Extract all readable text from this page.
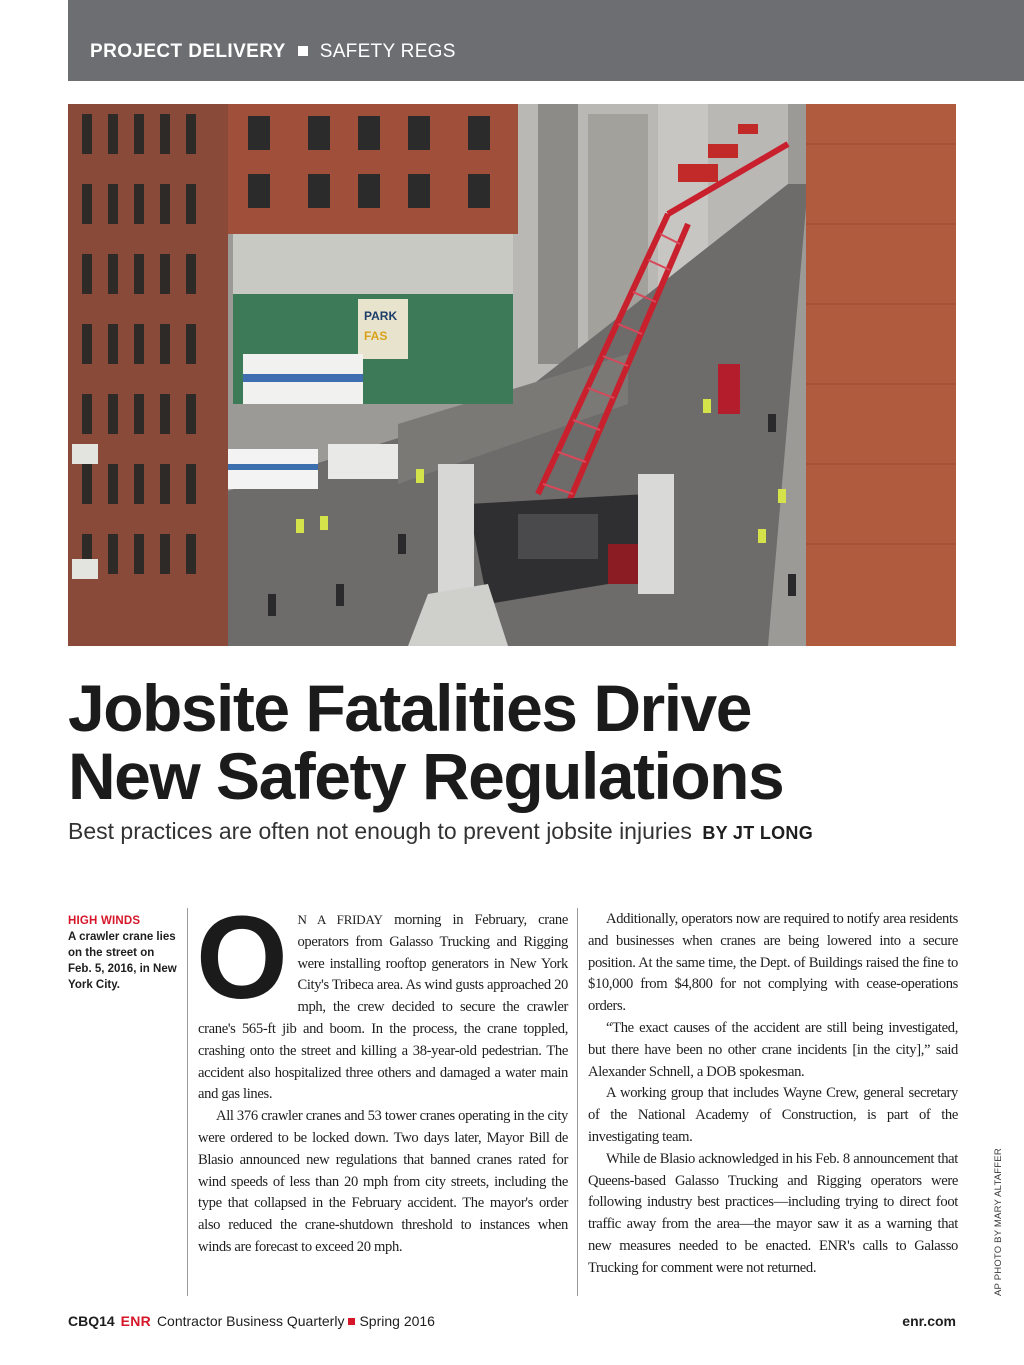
PROJECT DELIVERY SAFETY REGS
PARK
FAS
Jobsite Fatalities Drive
New Safety Regulations
Best practices are often not enough to prevent jobsite injuries BY JT LONG
HIGH WINDS
A crawler crane lies on the street on Feb. 5, 2016, in New York City. ON A FRIDAY morning in February, crane operators from Galasso Trucking and Rigging were installing rooftop generators in New York City's Tribeca area. As wind gusts approached 20 mph, the crew decided to secure the crawler crane's 565-ft jib and boom. In the process, the crane toppled, crashing onto the street and killing a 38-year-old pedestrian. The accident also hospitalized three others and damaged a water main and gas lines.

All 376 crawler cranes and 53 tower cranes operating in the city were ordered to be locked down. Two days later, Mayor Bill de Blasio announced new regulations that banned cranes rated for wind speeds of less than 20 mph from city streets, including the type that collapsed in the February accident. The mayor's order also reduced the crane-shutdown threshold to instances when winds are forecast to exceed 20 mph.

Additionally, operators now are required to notify area residents and businesses when cranes are being lowered into a secure position. At the same time, the Dept. of Buildings raised the fine to $10,000 from $4,800 for not complying with cease-operations orders.

“The exact causes of the accident are still being investigated, but there have been no other crane incidents [in the city],” said Alexander Schnell, a DOB spokesman.

A working group that includes Wayne Crew, general secretary of the National Academy of Construction, is part of the investigating team.

While de Blasio acknowledged in his Feb. 8 announcement that Queens-based Galasso Trucking and Rigging operators were following industry best practices—including trying to direct foot traffic away from the area—the mayor saw it as a warning that new measures needed to be enacted. ENR's calls to Galasso Trucking for comment were not returned.	AP PHOTO BY MARY ALTAFFER
CBQ14 ENR Contractor Business Quarterly Spring 2016	enr.com
